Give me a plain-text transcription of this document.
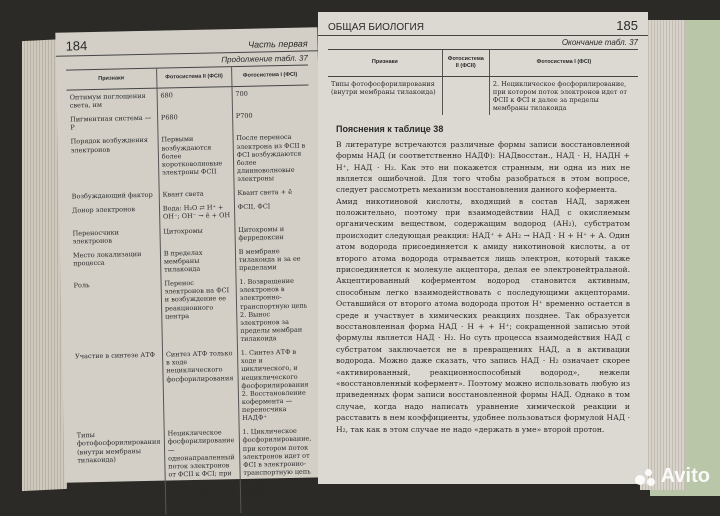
184	Часть первая
Продолжение табл. 37
Признаки	Фотосистема II (ФСII)	Фотосистема I (ФСI)
Оптимум поглощения света, нм	680	700
Пигментная система — P	P680	P700
Порядок возбуждения электронов	Первыми возбуждаются более коротковолновые электроны ФСII	После переноса электрона из ФСII в ФСI возбуждаются более длинноволновые электроны
Возбуждающий фактор	Квант света	Квант света + ē
Донор электронов	Вода: H₂O ⇄ H⁺ + OH⁻; OH⁻ → ē + OH	ФСII, ФСI
Переносчики электронов	Цитохромы	Цитохромы и ферредоксин
Место локализации процесса	В пределах мембраны тилакоида	В мембране тилакоида и за ее пределами
Роль	Перенос электронов на ФСI и возбуждение ее реакционного центра	1. Возвращение электронов в электронно-транспортную цепь 2. Вынос электронов за пределы мембран тилакоида
Участие в синтезе АТФ	Синтез АТФ только в ходе нециклического фосфорилирования	1. Синтез АТФ в ходе и циклического, и нециклического фосфорилирования 2. Восстановление кофермента — переносчика НАДФ⁺
Типы фотофосфорилирования (внутри мембраны тилакоида)	Нециклическое фосфорилирование — однонаправленный поток электронов от ФСII к ФСI; при этом синтезируется АТФ	1. Циклическое фосфорилирование, при котором поток электронов идет от ФСI в электронно-транспортную цепь и опять возвращается к ФСI; при этом синтезируется АТФ.
ОБЩАЯ БИОЛОГИЯ	185
Окончание табл. 37
Признаки	Фотосистема II (ФСII)	Фотосистема I (ФСI)
Типы фотофосфорилирования (внутри мембраны тилакоида)		2. Нециклическое фосфорилирование, при котором поток электронов идет от ФСII к ФСI и далее за пределы мембраны тилакоида
Пояснения к таблице 38

В литературе встречаются различные формы записи восстановленной формы НАД (и соответственно НАДФ): НАДвосстан., НАД · Н, НАДН + Н⁺, НАД · Н₂. Как это ни покажется странным, ни одна из них не является ошибочной. Для того чтобы разобраться в этом вопросе, следует рассмотреть механизм восстановления данного кофермента.

Амид никотиновой кислоты, входящий в состав НАД, заряжен положительно, поэтому при взаимодействии НАД с окисляемым органическим веществом, содержащим водород (АН₂), субстратом происходит следующая реакция: НАД⁺ + АН₂ → НАД · Н + Н⁺ + А. Один атом водорода присоединяется к амиду никотиновой кислоты, а от второго атома водорода отрывается лишь электрон, который также присоединяется к молекуле акцептора, делая ее электронейтральной. Акцептированный коферментом водород становится активным, способным легко взаимодействовать с последующими акцепторами. Оставшийся от второго атома водорода протон Н⁺ временно остается в среде и участвует в химических реакциях позднее. Так образуется восстановленная форма НАД · Н + + Н⁺; сокращенной записью этой формулы является НАД · Н₂. Но суть процесса взаимодействия НАД с субстратом заключается не в превращениях НАД, а в активации водорода. Можно даже сказать, что запись НАД · Н₂ означает скорее «активированный, реакционноспособный водород», нежели «восстановленный кофермент». Поэтому можно использовать любую из приведенных форм записи восстановленной формы НАД. Однако в том случае, когда надо написать уравнение химической реакции и расставить в нем коэффициенты, удобнее пользоваться формулой НАД · Н₂, так как в этом случае не надо «держать в уме» второй протон.

Avito
